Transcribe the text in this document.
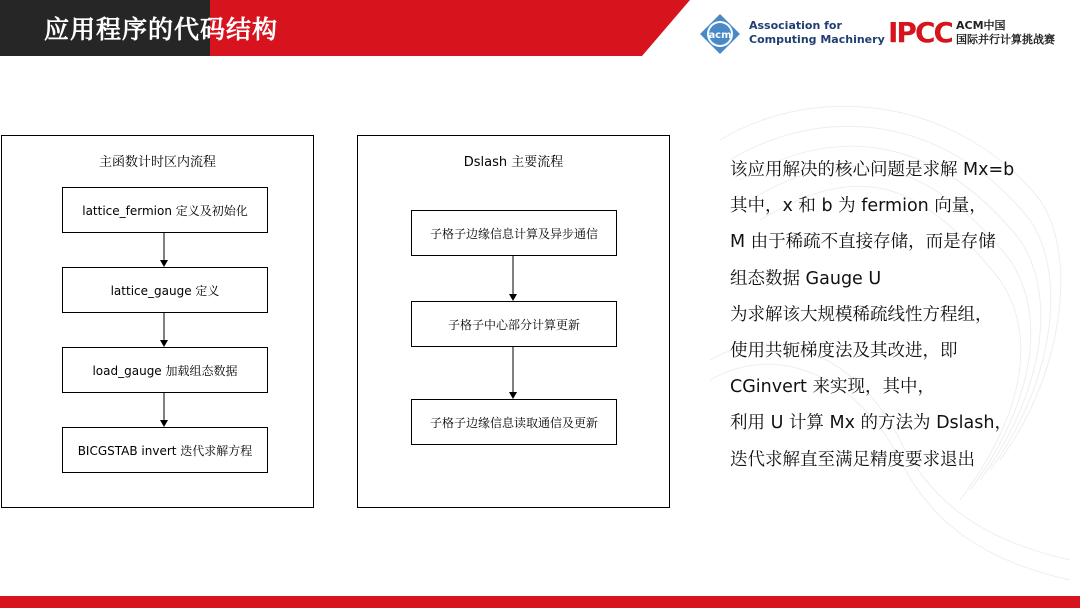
应用程序的代码结构	acm
Association for
Computing Machinery IPCC ACM中国
国际并行计算挑战赛
主函数计时区内流程
lattice_fermion 定义及初始化
lattice_gauge 定义
load_gauge 加载组态数据
BICGSTAB invert 迭代求解方程
Dslash 主要流程
子格子边缘信息计算及异步通信
子格子中心部分计算更新
子格子边缘信息读取通信及更新
该应用解决的核心问题是求解 Mx=b
其中，x 和 b 为 fermion 向量，
M 由于稀疏不直接存储，而是存储
组态数据 Gauge U
为求解该大规模稀疏线性方程组，
使用共轭梯度法及其改进，即
CGinvert 来实现，其中，
利用 U 计算 Mx 的方法为 Dslash，
迭代求解直至满足精度要求退出
